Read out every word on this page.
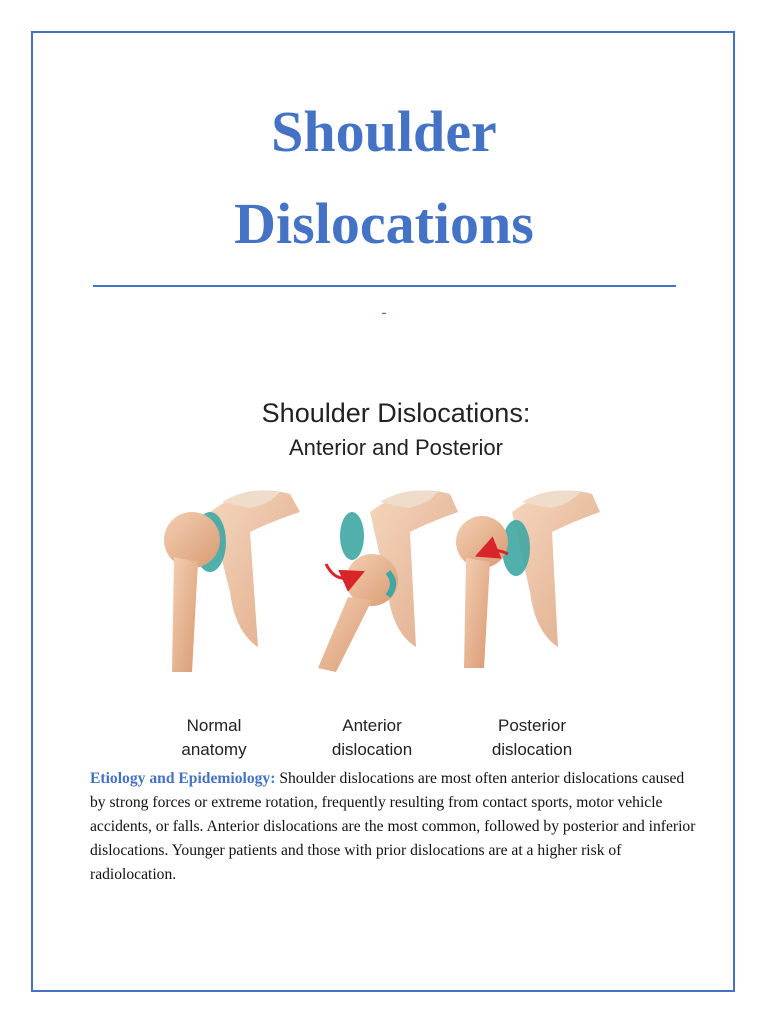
Shoulder
Dislocations
-
Shoulder Dislocations:
Anterior and Posterior
Normal
anatomy
Anterior
dislocation
Posterior
dislocation

Etiology and Epidemiology: Shoulder dislocations are most often anterior dislocations caused by strong forces or extreme rotation, frequently resulting from contact sports, motor vehicle accidents, or falls. Anterior dislocations are the most common, followed by posterior and inferior dislocations. Younger patients and those with prior dislocations are at a higher risk of radiolocation.
